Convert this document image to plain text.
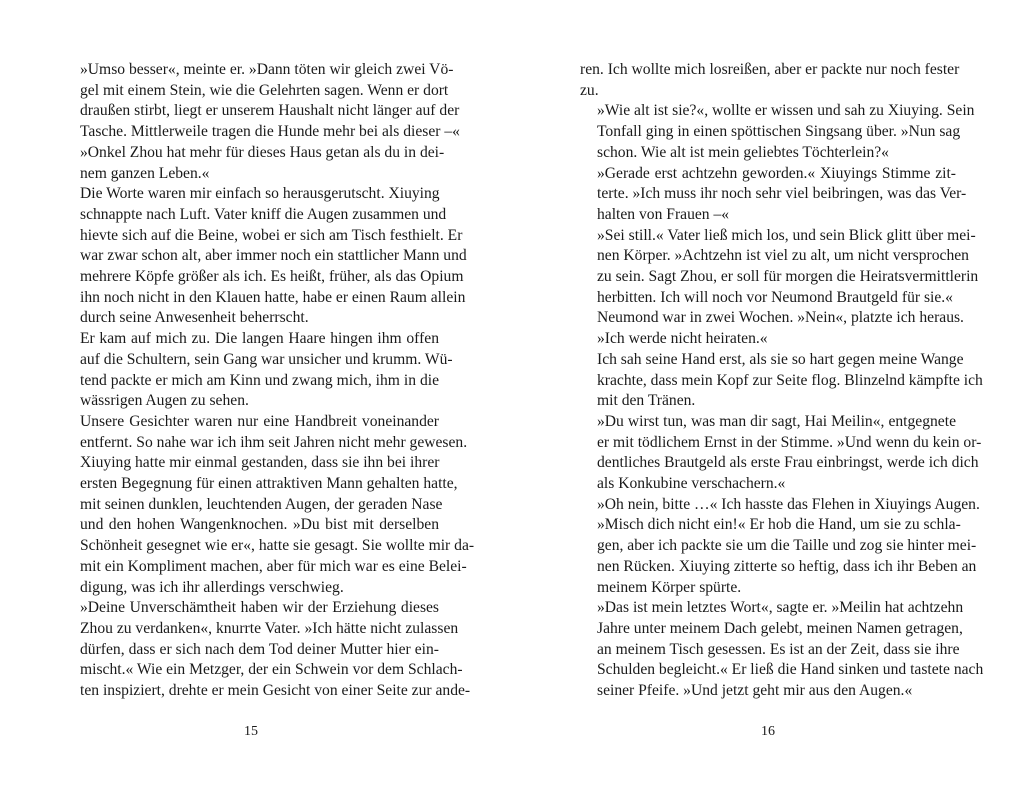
»Umso besser«, meinte er. »Dann töten wir gleich zwei Vö-
gel mit einem Stein, wie die Gelehrten sagen. Wenn er dort
draußen stirbt, liegt er unserem Haushalt nicht länger auf der
Tasche. Mittlerweile tragen die Hunde mehr bei als dieser –«

»Onkel Zhou hat mehr für dieses Haus getan als du in dei-
nem ganzen Leben.«

Die Worte waren mir einfach so herausgerutscht. Xiuying
schnappte nach Luft. Vater kniff die Augen zusammen und
hievte sich auf die Beine, wobei er sich am Tisch festhielt. Er
war zwar schon alt, aber immer noch ein stattlicher Mann und
mehrere Köpfe größer als ich. Es heißt, früher, als das Opium
ihn noch nicht in den Klauen hatte, habe er einen Raum allein
durch seine Anwesenheit beherrscht.

Er kam auf mich zu. Die langen Haare hingen ihm offen
auf die Schultern, sein Gang war unsicher und krumm. Wü-
tend packte er mich am Kinn und zwang mich, ihm in die
wässrigen Augen zu sehen.

Unsere Gesichter waren nur eine Handbreit voneinander
entfernt. So nahe war ich ihm seit Jahren nicht mehr gewesen.

Xiuying hatte mir einmal gestanden, dass sie ihn bei ihrer
ersten Begegnung für einen attraktiven Mann gehalten hatte,
mit seinen dunklen, leuchtenden Augen, der geraden Nase
und den hohen Wangenknochen. »Du bist mit derselben
Schönheit gesegnet wie er«, hatte sie gesagt. Sie wollte mir da-
mit ein Kompliment machen, aber für mich war es eine Belei-
digung, was ich ihr allerdings verschwieg.

»Deine Unverschämtheit haben wir der Erziehung dieses
Zhou zu verdanken«, knurrte Vater. »Ich hätte nicht zulassen
dürfen, dass er sich nach dem Tod deiner Mutter hier ein-
mischt.« Wie ein Metzger, der ein Schwein vor dem Schlach-
ten inspiziert, drehte er mein Gesicht von einer Seite zur ande-

15

ren. Ich wollte mich losreißen, aber er packte nur noch fester
zu.

»Wie alt ist sie?«, wollte er wissen und sah zu Xiuying. Sein
Tonfall ging in einen spöttischen Singsang über. »Nun sag
schon. Wie alt ist mein geliebtes Töchterlein?«

»Gerade erst achtzehn geworden.« Xiuyings Stimme zit-
terte. »Ich muss ihr noch sehr viel beibringen, was das Ver-
halten von Frauen –«

»Sei still.« Vater ließ mich los, und sein Blick glitt über mei-
nen Körper. »Achtzehn ist viel zu alt, um nicht versprochen
zu sein. Sagt Zhou, er soll für morgen die Heiratsvermittlerin
herbitten. Ich will noch vor Neumond Brautgeld für sie.«

Neumond war in zwei Wochen. »Nein«, platzte ich heraus.
»Ich werde nicht heiraten.«

Ich sah seine Hand erst, als sie so hart gegen meine Wange
krachte, dass mein Kopf zur Seite flog. Blinzelnd kämpfte ich
mit den Tränen.

»Du wirst tun, was man dir sagt, Hai Meilin«, entgegnete
er mit tödlichem Ernst in der Stimme. »Und wenn du kein or-
dentliches Brautgeld als erste Frau einbringst, werde ich dich
als Konkubine verschachern.«

»Oh nein, bitte …« Ich hasste das Flehen in Xiuyings Augen.

»Misch dich nicht ein!« Er hob die Hand, um sie zu schla-
gen, aber ich packte sie um die Taille und zog sie hinter mei-
nen Rücken. Xiuying zitterte so heftig, dass ich ihr Beben an
meinem Körper spürte.

»Das ist mein letztes Wort«, sagte er. »Meilin hat achtzehn
Jahre unter meinem Dach gelebt, meinen Namen getragen,
an meinem Tisch gesessen. Es ist an der Zeit, dass sie ihre
Schulden begleicht.« Er ließ die Hand sinken und tastete nach
seiner Pfeife. »Und jetzt geht mir aus den Augen.«

16
